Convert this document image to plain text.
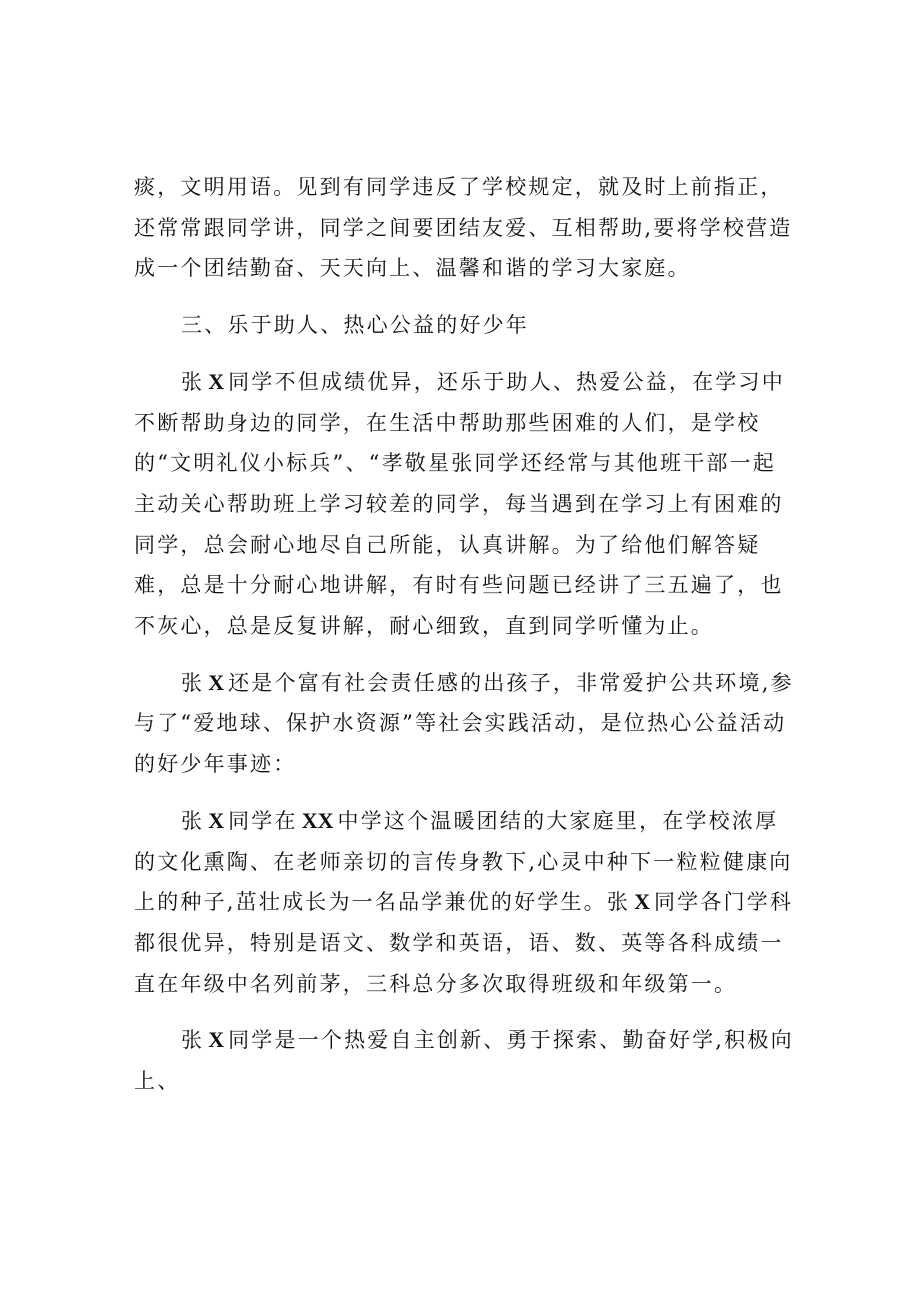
痰，文明用语。见到有同学违反了学校规定，就及时上前指正，还常常跟同学讲，同学之间要团结友爱、互相帮助,要将学校营造成一个团结勤奋、天天向上、温馨和谐的学习大家庭。

三、乐于助人、热心公益的好少年

张 X 同学不但成绩优异，还乐于助人、热爱公益，在学习中不断帮助身边的同学，在生活中帮助那些困难的人们，是学校的“文明礼仪小标兵”、“孝敬星张同学还经常与其他班干部一起主动关心帮助班上学习较差的同学，每当遇到在学习上有困难的同学，总会耐心地尽自己所能，认真讲解。为了给他们解答疑难，总是十分耐心地讲解，有时有些问题已经讲了三五遍了，也不灰心，总是反复讲解，耐心细致，直到同学听懂为止。

张 X 还是个富有社会责任感的出孩子，非常爱护公共环境,参与了“爱地球、保护水资源”等社会实践活动，是位热心公益活动的好少年事迹：

张 X 同学在 XX 中学这个温暖团结的大家庭里，在学校浓厚的文化熏陶、在老师亲切的言传身教下,心灵中种下一粒粒健康向上的种子,茁壮成长为一名品学兼优的好学生。张 X 同学各门学科都很优异，特别是语文、数学和英语，语、数、英等各科成绩一直在年级中名列前茅，三科总分多次取得班级和年级第一。

张 X 同学是一个热爱自主创新、勇于探索、勤奋好学,积极向上、
